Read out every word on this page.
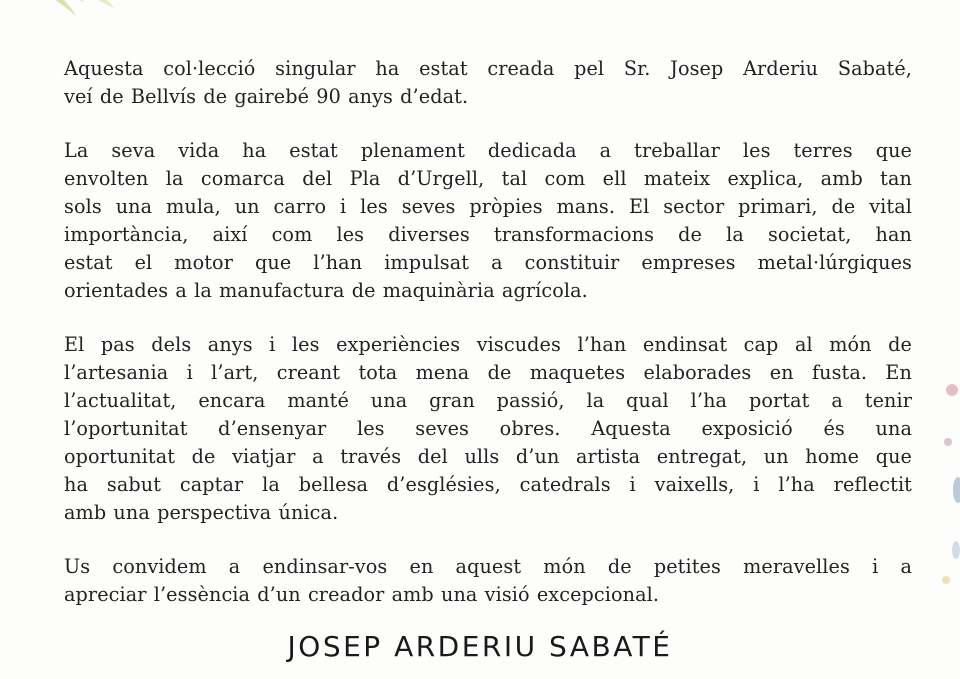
Aquesta col·lecció singular ha estat creada pel Sr. Josep Arderiu Sabaté,
veí de Bellvís de gairebé 90 anys d’edat.

La seva vida ha estat plenament dedicada a treballar les terres que
envolten la comarca del Pla d’Urgell, tal com ell mateix explica, amb tan
sols una mula, un carro i les seves pròpies mans. El sector primari, de vital
importància, així com les diverses transformacions de la societat, han
estat el motor que l’han impulsat a constituir empreses metal·lúrgiques
orientades a la manufactura de maquinària agrícola.

El pas dels anys i les experiències viscudes l’han endinsat cap al món de
l’artesania i l’art, creant tota mena de maquetes elaborades en fusta. En
l’actualitat, encara manté una gran passió, la qual l’ha portat a tenir
l’oportunitat d’ensenyar les seves obres. Aquesta exposició és una
oportunitat de viatjar a través del ulls d’un artista entregat, un home que
ha sabut captar la bellesa d’esglésies, catedrals i vaixells, i l’ha reflectit
amb una perspectiva única.

Us convidem a endinsar-vos en aquest món de petites meravelles i a
apreciar l’essència d’un creador amb una visió excepcional.

JOSEP ARDERIU SABATÉ
